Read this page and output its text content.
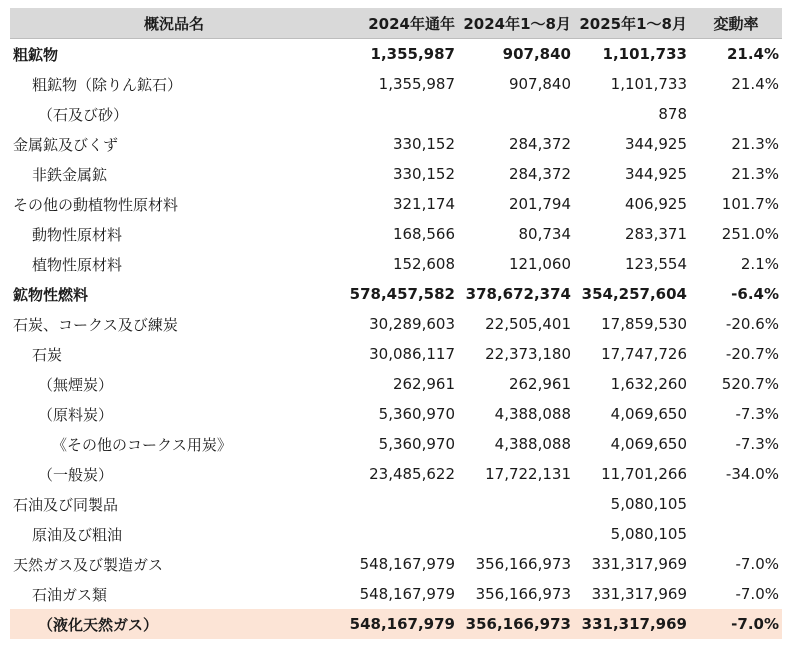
概況品名	2024年通年	2024年1～8月	2025年1～8月	変動率
粗鉱物	1,355,987	907,840	1,101,733	21.4%
粗鉱物（除りん鉱石）	1,355,987	907,840	1,101,733	21.4%
（石及び砂）			878	
金属鉱及びくず	330,152	284,372	344,925	21.3%
非鉄金属鉱	330,152	284,372	344,925	21.3%
その他の動植物性原材料	321,174	201,794	406,925	101.7%
動物性原材料	168,566	80,734	283,371	251.0%
植物性原材料	152,608	121,060	123,554	2.1%
鉱物性燃料	578,457,582	378,672,374	354,257,604	-6.4%
石炭、コークス及び練炭	30,289,603	22,505,401	17,859,530	-20.6%
石炭	30,086,117	22,373,180	17,747,726	-20.7%
（無煙炭）	262,961	262,961	1,632,260	520.7%
（原料炭）	5,360,970	4,388,088	4,069,650	-7.3%
《その他のコークス用炭》	5,360,970	4,388,088	4,069,650	-7.3%
（一般炭）	23,485,622	17,722,131	11,701,266	-34.0%
石油及び同製品			5,080,105	
原油及び粗油			5,080,105	
天然ガス及び製造ガス	548,167,979	356,166,973	331,317,969	-7.0%
石油ガス類	548,167,979	356,166,973	331,317,969	-7.0%
（液化天然ガス）	548,167,979	356,166,973	331,317,969	-7.0%
